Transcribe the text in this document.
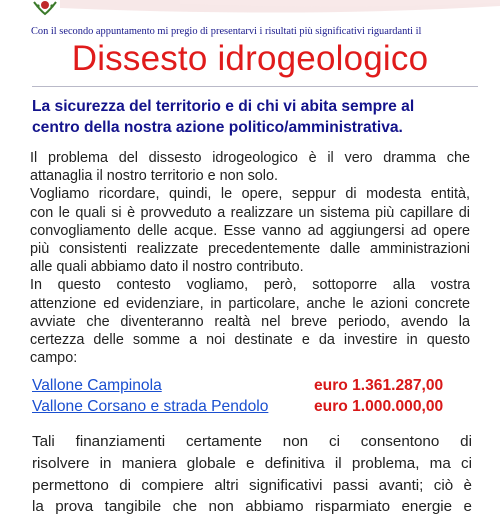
Con il secondo appuntamento mi pregio di presentarvi i risultati più significativi riguardanti il
Dissesto idrogeologico
La sicurezza del territorio e di chi vi abita sempre al
centro della nostra azione politico/amministrativa.
Il problema del dissesto idrogeologico è il vero dramma che
attanaglia il nostro territorio e non solo.
Vogliamo ricordare, quindi, le opere, seppur di modesta entità,
con le quali si è provveduto a realizzare un sistema più capillare di
convogliamento delle acque. Esse vanno ad aggiungersi ad opere
più consistenti realizzate precedentemente dalle amministrazioni
alle quali abbiamo dato il nostro contributo.
In questo contesto vogliamo, però, sottoporre alla vostra
attenzione ed evidenziare, in particolare, anche le azioni concrete
avviate che diventeranno realtà nel breve periodo, avendo la
certezza delle somme a noi destinate e da investire in questo
campo:
Vallone Campinola	euro 1.361.287,00
Vallone Corsano e strada Pendolo	euro 1.000.000,00
Tali finanziamenti certamente non ci consentono di
risolvere in maniera globale e definitiva il problema, ma ci
permettono di compiere altri significativi passi avanti; ciò è
la prova tangibile che non abbiamo risparmiato energie e
